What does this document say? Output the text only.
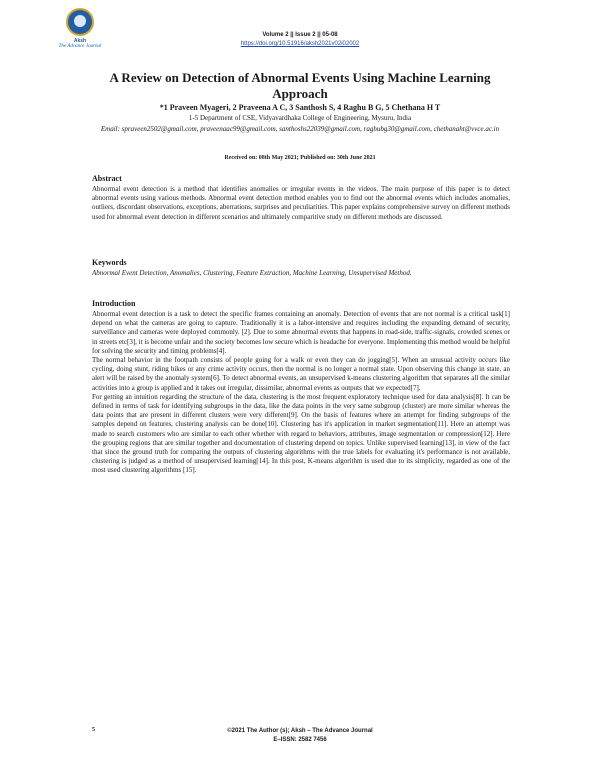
Aksh
The Advance Journal
Volume 2 || Issue 2 || 05-08
https://doi.org/10.51916/aksh2021v02i02002
A Review on Detection of Abnormal Events Using Machine Learning Approach
*1 Praveen Myageri, 2 Praveena A C, 3 Santhosh S, 4 Raghu B G, 5 Chethana H T
1-5 Department of CSE, Vidyavardhaka College of Engineering, Mysuru, India
Email: spraveen2502@gmail.com, praveenaac99@gmail.com, santhoshs22039@gmail.com, raghubg30@gmail.com, chethanaht@vvce.ac.in
Received on: 08th May 2021; Published on: 30th June 2021
Abstract

Abnormal event detection is a method that identifies anomalies or irregular events in the videos. The main purpose of this paper is to detect abnormal events using various methods. Abnormal event detection method enables you to find out the abnormal events which includes anomalies, outliers, discordant observations, exceptions, aberrations, surprises and peculiarities. This paper explains comprehensive survey on different methods used for abnormal event detection in different scenarios and ultimately comparitive study on different methods are discussed.

Keywords

Abnormal Event Detection, Anomalies, Clustering, Feature Extraction, Machine Learning, Unsupervised Method.

Introduction

Abnormal event detection is a task to detect the specific frames containing an anomaly. Detection of events that are not normal is a critical task[1] depend on what the cameras are going to capture. Traditionally it is a labor-intensive and requires including the expanding demand of security, surveillance and cameras were deployed commonly. [2]. Due to some abnormal events that happens in road-side, traffic-signals, crowded scenes or in streets etc[3], it is become unfair and the society becomes low secure which is headache for everyone. Implementing this method would be helpful for solving the security and timing problems[4].

The normal behavior in the footpath consists of people going for a walk or even they can do jogging[5]. When an unusual activity occurs like cycling, doing stunt, riding bikes or any crime activity occurs, then the normal is no longer a normal state. Upon observing this change in state, an alert will be raised by the anomaly system[6]. To detect abnormal events, an unsupervised k-means clustering algorithm that separates all the similar activities into a group is applied and it takes out irregular, dissimilar, abnormal events as outputs that we expected[7].

For getting an intuition regarding the structure of the data, clustering is the most frequent exploratory technique used for data analysis[8]. It can be defined in terms of task for identifying subgroups in the data, like the data points in the very same subgroup (cluster) are more similar whereas the data points that are present in different clusters were very different[9]. On the basis of features where an attempt for finding subgroups of the samples depend on features, clustering analysis can be done[10]. Clustering has it's application in market segmentation[11]. Here an attempt was made to search customers who are similar to each other whether with regard to behaviors, attributes, image segmentation or compression[12]. Here the grouping regions that are similar together and documentation of clustering depend on topics. Unlike supervised learning[13], in view of the fact that since the ground truth for comparing the outputs of clustering algorithms with the true labels for evaluating it's performance is not available, clustering is judged as a method of unsupervised learning[14]. In this post, K-means algorithm is used due to its simplicity, regarded as one of the most used clustering algorithms [15].

5	©2021 The Author (s); Aksh – The Advance Journal
E–ISSN: 2582 7456
